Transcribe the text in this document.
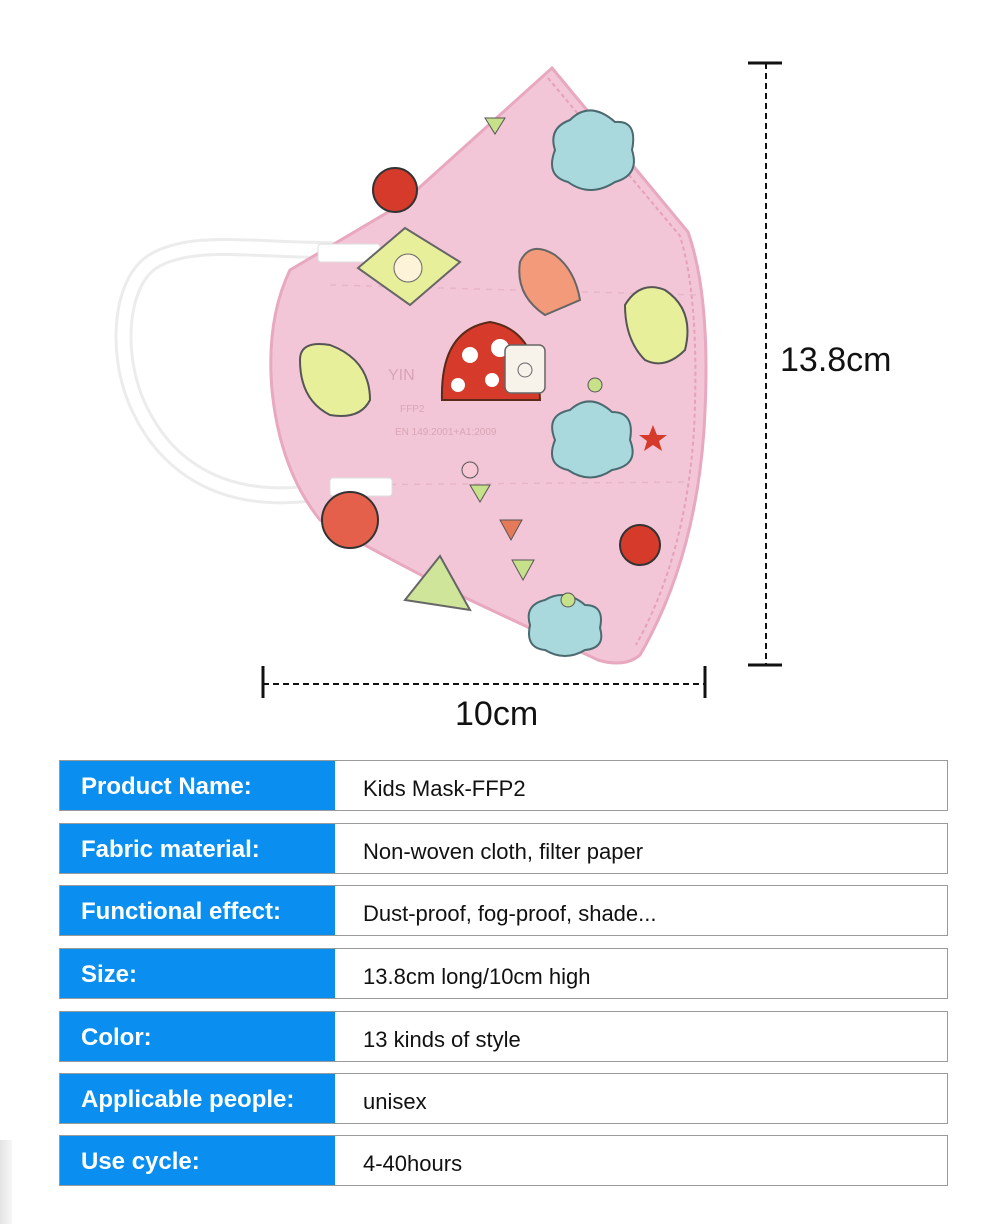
YIN
FFP2
EN 149:2001+A1:2009
13.8cm
10cm
Product Name:	Kids Mask-FFP2
Fabric material:	Non-woven cloth, filter paper
Functional effect:	Dust-proof, fog-proof, shade...
Size:	13.8cm long/10cm high
Color:	13 kinds of style
Applicable people:	unisex
Use cycle:	4-40hours
